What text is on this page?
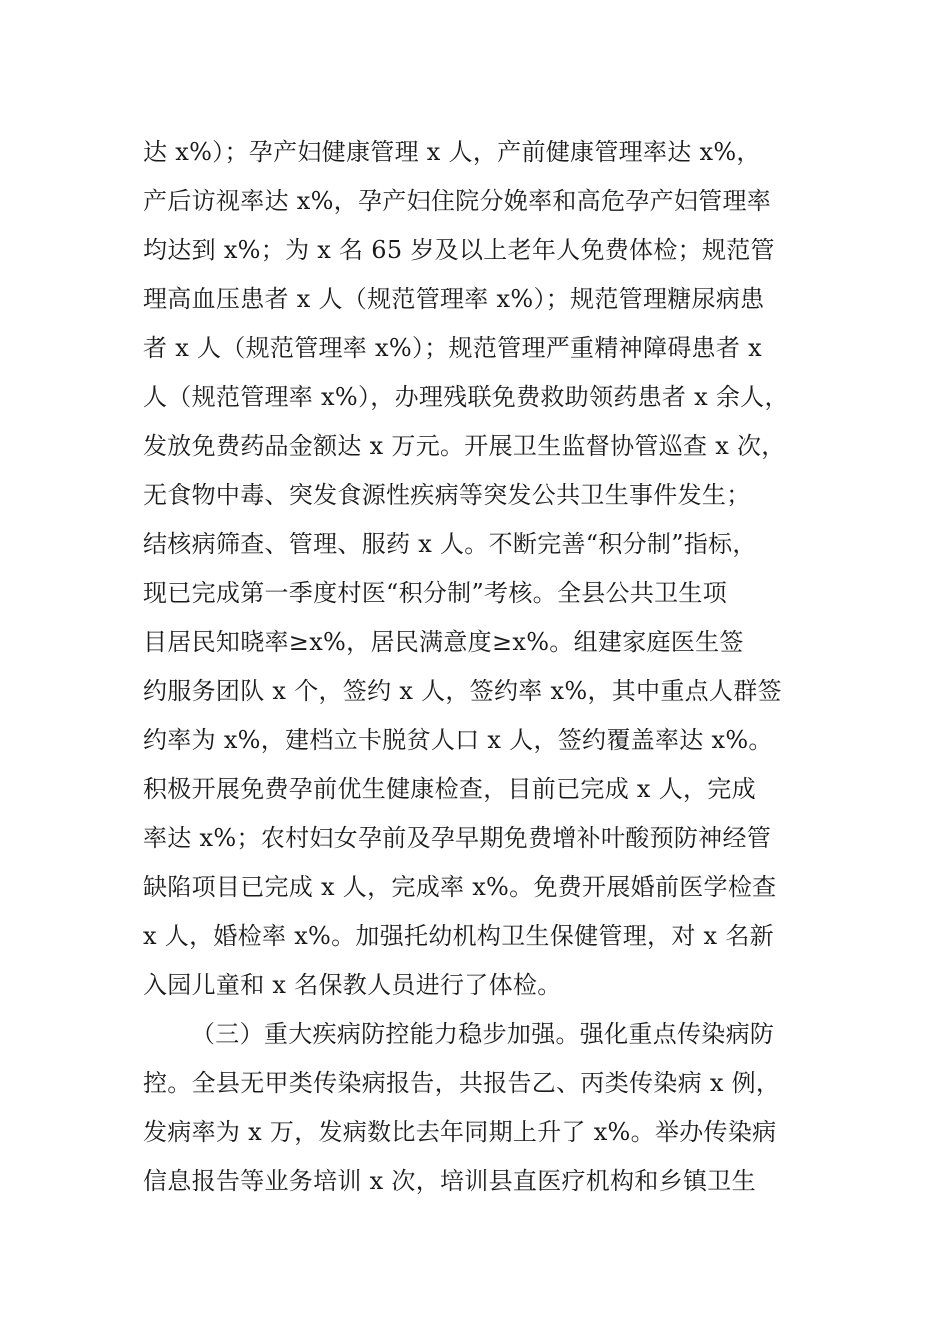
达 x%）；孕产妇健康管理 x 人，产前健康管理率达 x%，
产后访视率达 x%，孕产妇住院分娩率和高危孕产妇管理率
均达到 x%；为 x 名 65 岁及以上老年人免费体检；规范管
理高血压患者 x 人（规范管理率 x%）；规范管理糖尿病患
者 x 人（规范管理率 x%）；规范管理严重精神障碍患者 x
人（规范管理率 x%），办理残联免费救助领药患者 x 余人，
发放免费药品金额达 x 万元。开展卫生监督协管巡查 x 次，
无食物中毒、突发食源性疾病等突发公共卫生事件发生；
结核病筛查、管理、服药 x 人。不断完善“积分制”指标，
现已完成第一季度村医“积分制”考核。全县公共卫生项
目居民知晓率≥x%，居民满意度≥x%。组建家庭医生签
约服务团队 x 个，签约 x 人，签约率 x%，其中重点人群签
约率为 x%，建档立卡脱贫人口 x 人，签约覆盖率达 x%。
积极开展免费孕前优生健康检查，目前已完成 x 人，完成
率达 x%；农村妇女孕前及孕早期免费增补叶酸预防神经管
缺陷项目已完成 x 人，完成率 x%。免费开展婚前医学检查
x 人，婚检率 x%。加强托幼机构卫生保健管理，对 x 名新
入园儿童和 x 名保教人员进行了体检。
（三）重大疾病防控能力稳步加强。强化重点传染病防
控。全县无甲类传染病报告，共报告乙、丙类传染病 x 例，
发病率为 x 万，发病数比去年同期上升了 x%。举办传染病
信息报告等业务培训 x 次，培训县直医疗机构和乡镇卫生
